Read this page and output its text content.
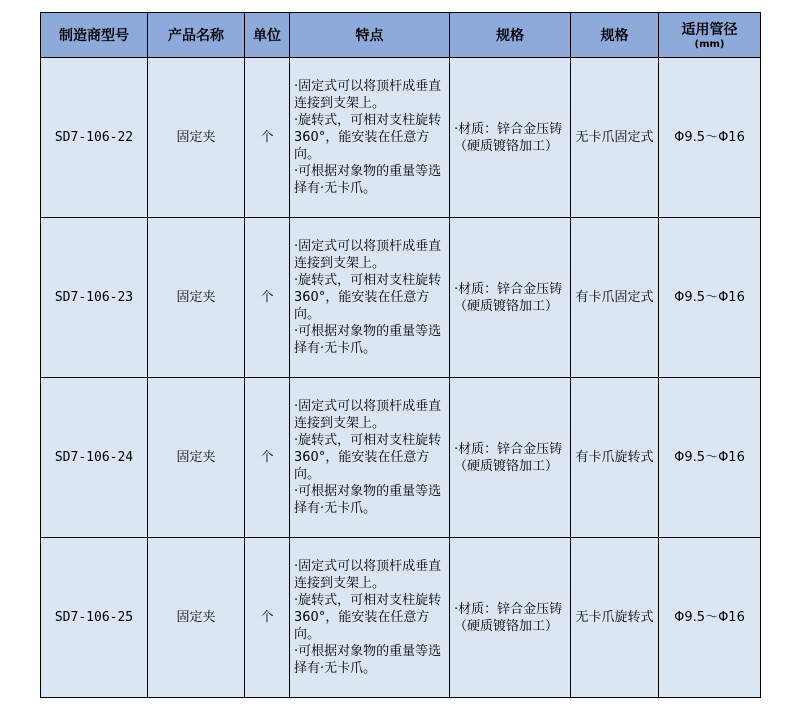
制造商型号	产品名称	单位	特点	规格	规格	适用管径
(mm)

SD7-106-22	固定夹	个	·固定式可以将顶杆成垂直连接到支架上。
·旋转式，可相对支柱旋转360°，能安装在任意方向。
·可根据对象物的重量等选择有·无卡爪。	·材质：锌合金压铸（硬质镀铬加工）	无卡爪固定式	Φ9.5～Φ16
SD7-106-23	固定夹	个	·固定式可以将顶杆成垂直连接到支架上。
·旋转式，可相对支柱旋转360°，能安装在任意方向。
·可根据对象物的重量等选择有·无卡爪。	·材质：锌合金压铸（硬质镀铬加工）	有卡爪固定式	Φ9.5～Φ16
SD7-106-24	固定夹	个	·固定式可以将顶杆成垂直连接到支架上。
·旋转式，可相对支柱旋转360°，能安装在任意方向。
·可根据对象物的重量等选择有·无卡爪。	·材质：锌合金压铸（硬质镀铬加工）	有卡爪旋转式	Φ9.5～Φ16
SD7-106-25	固定夹	个	·固定式可以将顶杆成垂直连接到支架上。
·旋转式，可相对支柱旋转360°，能安装在任意方向。
·可根据对象物的重量等选择有·无卡爪。	·材质：锌合金压铸（硬质镀铬加工）	无卡爪旋转式	Φ9.5～Φ16
